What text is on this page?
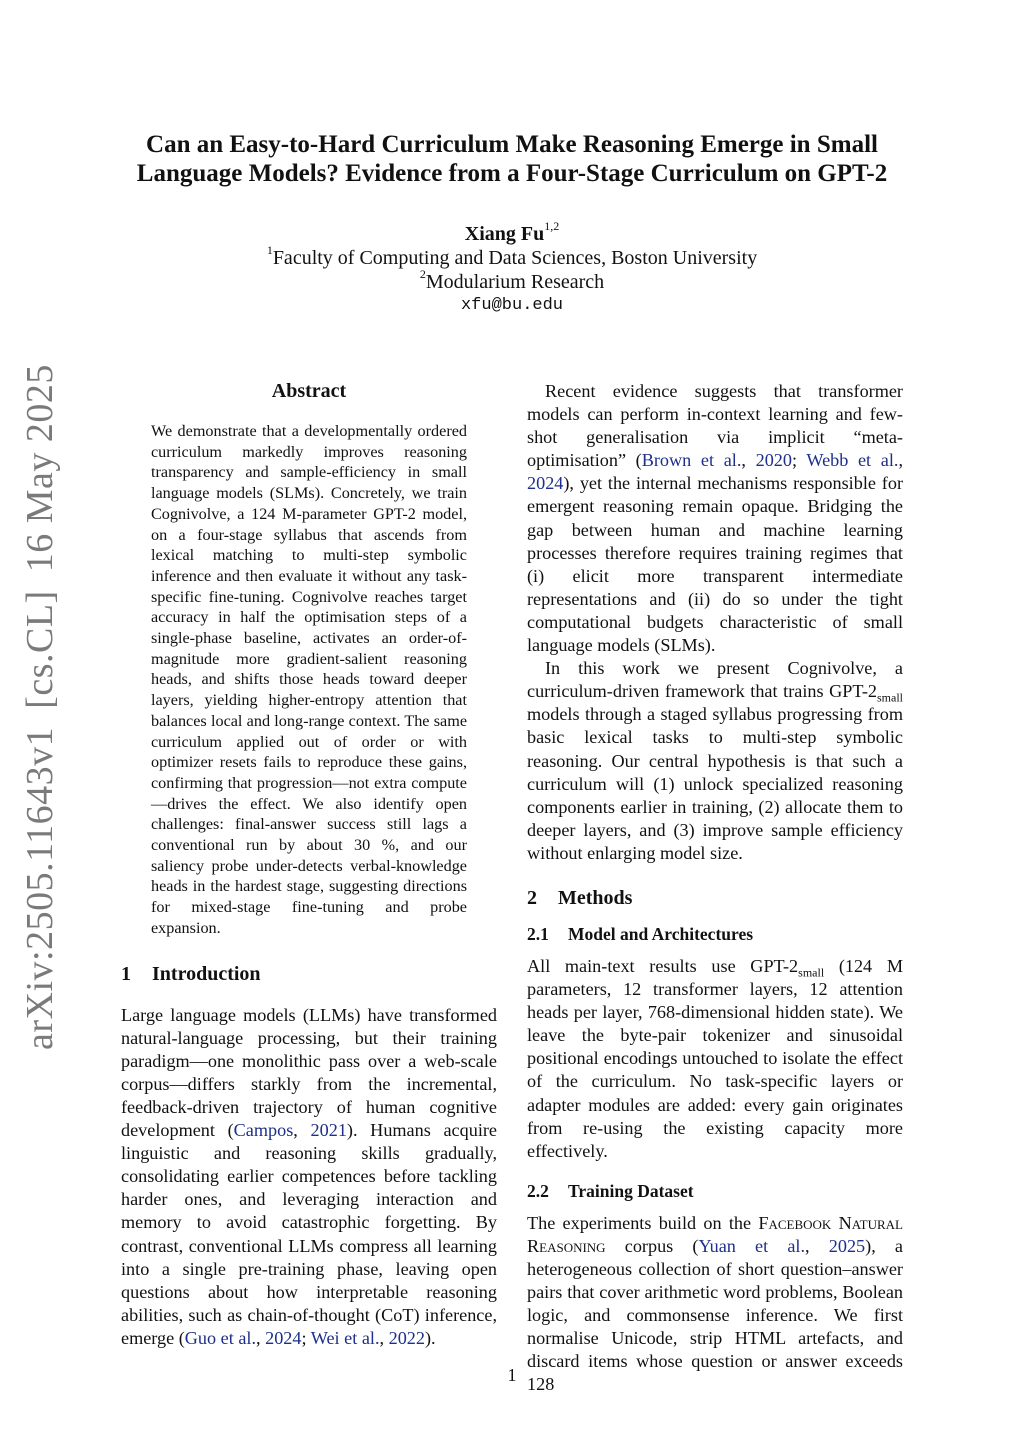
arXiv:2505.11643v1[cs.CL]16 May 2025
Can an Easy-to-Hard Curriculum Make Reasoning Emerge in Small
Language Models? Evidence from a Four-Stage Curriculum on GPT-2
Xiang Fu$^{1,2}$
$^1$Faculty of Computing and Data Sciences, Boston University
$^2$Modularium Research
xfu@bu.edu
Abstract
We demonstrate that a developmentally ordered curriculum markedly improves reasoning transparency and sample-efficiency in small language models (SLMs). Concretely, we train Cognivolve, a 124 M-parameter GPT-2 model, on a four-stage syllabus that ascends from lexical matching to multi-step symbolic inference and then evaluate it without any task-specific fine-tuning. Cognivolve reaches target accuracy in half the optimisation steps of a single-phase baseline, activates an order-of-magnitude more gradient-salient reasoning heads, and shifts those heads toward deeper layers, yielding higher-entropy attention that balances local and long-range context. The same curriculum applied out of order or with optimizer resets fails to reproduce these gains, confirming that progression—not extra compute—drives the effect. We also identify open challenges: final-answer success still lags a conventional run by about 30 %, and our saliency probe under-detects verbal-knowledge heads in the hardest stage, suggesting directions for mixed-stage fine-tuning and probe expansion.
1 Introduction

Large language models (LLMs) have transformed natural-language processing, but their training paradigm—one monolithic pass over a web-scale corpus—differs starkly from the incremental, feedback-driven trajectory of human cognitive development (Campos, 2021). Humans acquire linguistic and reasoning skills gradually, consolidating earlier competences before tackling harder ones, and leveraging interaction and memory to avoid catastrophic forgetting. By contrast, conventional LLMs compress all learning into a single pre-training phase, leaving open questions about how interpretable reasoning abilities, such as chain-of-thought (CoT) inference, emerge (Guo et al., 2024; Wei et al., 2022).

Recent evidence suggests that transformer models can perform in-context learning and few-shot generalisation via implicit “meta-optimisation” (Brown et al., 2020; Webb et al., 2024), yet the internal mechanisms responsible for emergent reasoning remain opaque. Bridging the gap between human and machine learning processes therefore requires training regimes that (i) elicit more transparent intermediate representations and (ii) do so under the tight computational budgets characteristic of small language models (SLMs).

In this work we present Cognivolve, a curriculum-driven framework that trains GPT-$2_{small}$ models through a staged syllabus progressing from basic lexical tasks to multi-step symbolic reasoning. Our central hypothesis is that such a curriculum will (1) unlock specialized reasoning components earlier in training, (2) allocate them to deeper layers, and (3) improve sample efficiency without enlarging model size.

2 Methods
2.1 Model and Architectures

All main-text results use GPT-$2_{small}$ (124 M parameters, 12 transformer layers, 12 attention heads per layer, 768-dimensional hidden state). We leave the byte-pair tokenizer and sinusoidal positional encodings untouched to isolate the effect of the curriculum. No task-specific layers or adapter modules are added: every gain originates from re-using the existing capacity more effectively.

2.2 Training Dataset

The experiments build on the Facebook Natural Reasoning corpus (Yuan et al., 2025), a heterogeneous collection of short question–answer pairs that cover arithmetic word problems, Boolean logic, and commonsense inference. We first normalise Unicode, strip HTML artefacts, and discard items whose question or answer exceeds 128

1
